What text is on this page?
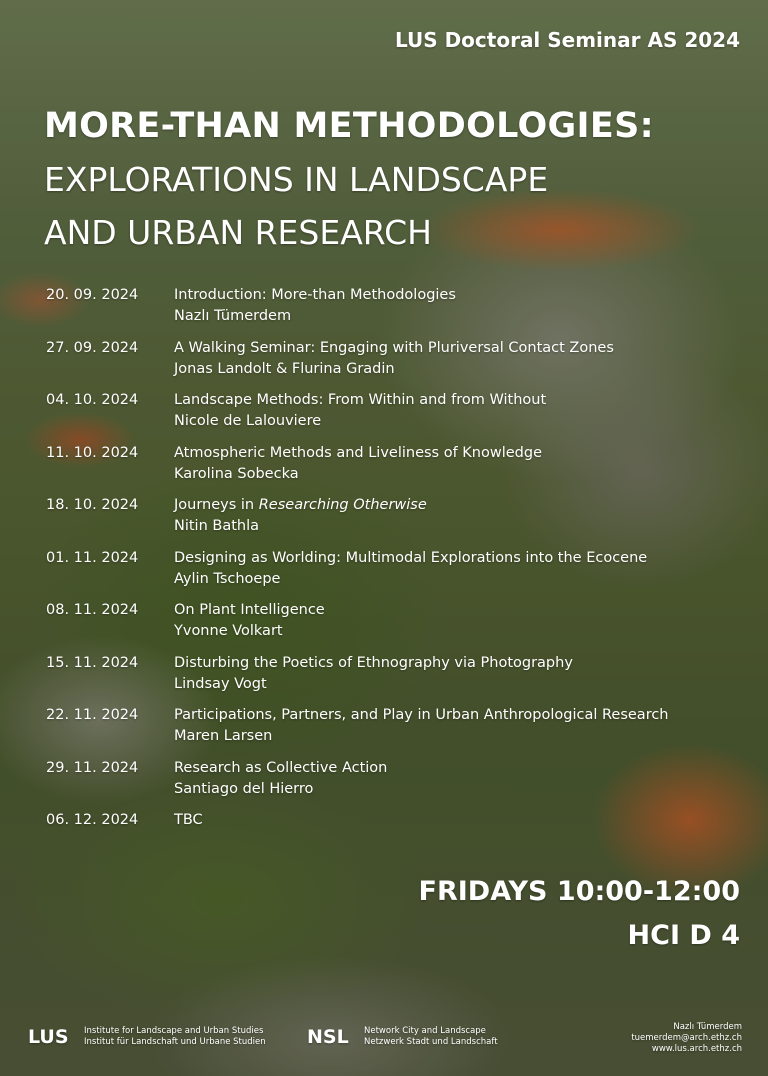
LUS Doctoral Seminar AS 2024
MORE-THAN METHODOLOGIES:
EXPLORATIONS IN LANDSCAPE
AND URBAN RESEARCH
20. 09. 2024	Introduction: More-than Methodologies
Nazlı Tümerdem
27. 09. 2024	A Walking Seminar: Engaging with Pluriversal Contact Zones
Jonas Landolt & Flurina Gradin
04. 10. 2024	Landscape Methods: From Within and from Without
Nicole de Lalouviere
11. 10. 2024	Atmospheric Methods and Liveliness of Knowledge
Karolina Sobecka
18. 10. 2024	Journeys in Researching Otherwise
Nitin Bathla
01. 11. 2024	Designing as Worlding: Multimodal Explorations into the Ecocene
Aylin Tschoepe
08. 11. 2024	On Plant Intelligence
Yvonne Volkart
15. 11. 2024	Disturbing the Poetics of Ethnography via Photography
Lindsay Vogt
22. 11. 2024	Participations, Partners, and Play in Urban Anthropological Research
Maren Larsen
29. 11. 2024	Research as Collective Action
Santiago del Hierro
06. 12. 2024	TBC
FRIDAYS 10:00-12:00
HCI D 4
LUS Institute for Landscape and Urban Studies
Institut für Landschaft und Urbane Studien NSL Network City and Landscape
Netzwerk Stadt und Landschaft
Nazlı Tümerdem
tuemerdem@arch.ethz.ch
www.lus.arch.ethz.ch
